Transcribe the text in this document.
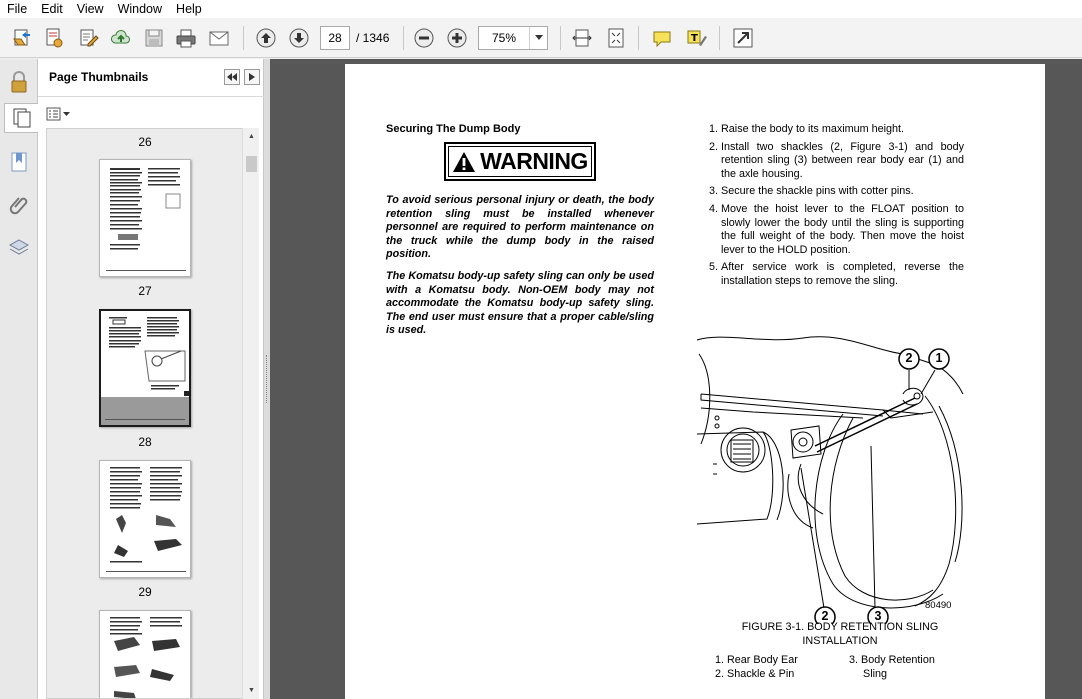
File	Edit	View	Window	Help
28	/ 1346	75%	T
Page Thumbnails
26
27
28
29
▲
▼
Securing The Dump Body
WARNING
To avoid serious personal injury or death, the body retention sling must be installed whenever personnel are required to perform maintenance on the truck while the dump body in the raised position.
The Komatsu body-up safety sling can only be used with a Komatsu body. Non-OEM body may not accommodate the Komatsu body-up safety sling. The end user must ensure that a proper cable/sling is used.
1. Raise the body to its maximum height.
2. Install two shackles (2, Figure 3-1) and body retention sling (3) between rear body ear (1) and the axle housing.
3. Secure the shackle pins with cotter pins.
4. Move the hoist lever to the FLOAT position to slowly lower the body until the sling is supporting the full weight of the body. Then move the hoist lever to the HOLD position.
5. After service work is completed, reverse the installation steps to remove the sling.
2 1
2	3
80490
FIGURE 3-1. BODY RETENTION SLING
INSTALLATION
1. Rear Body Ear
2. Shackle & Pin
3. Body Retention
Sling
